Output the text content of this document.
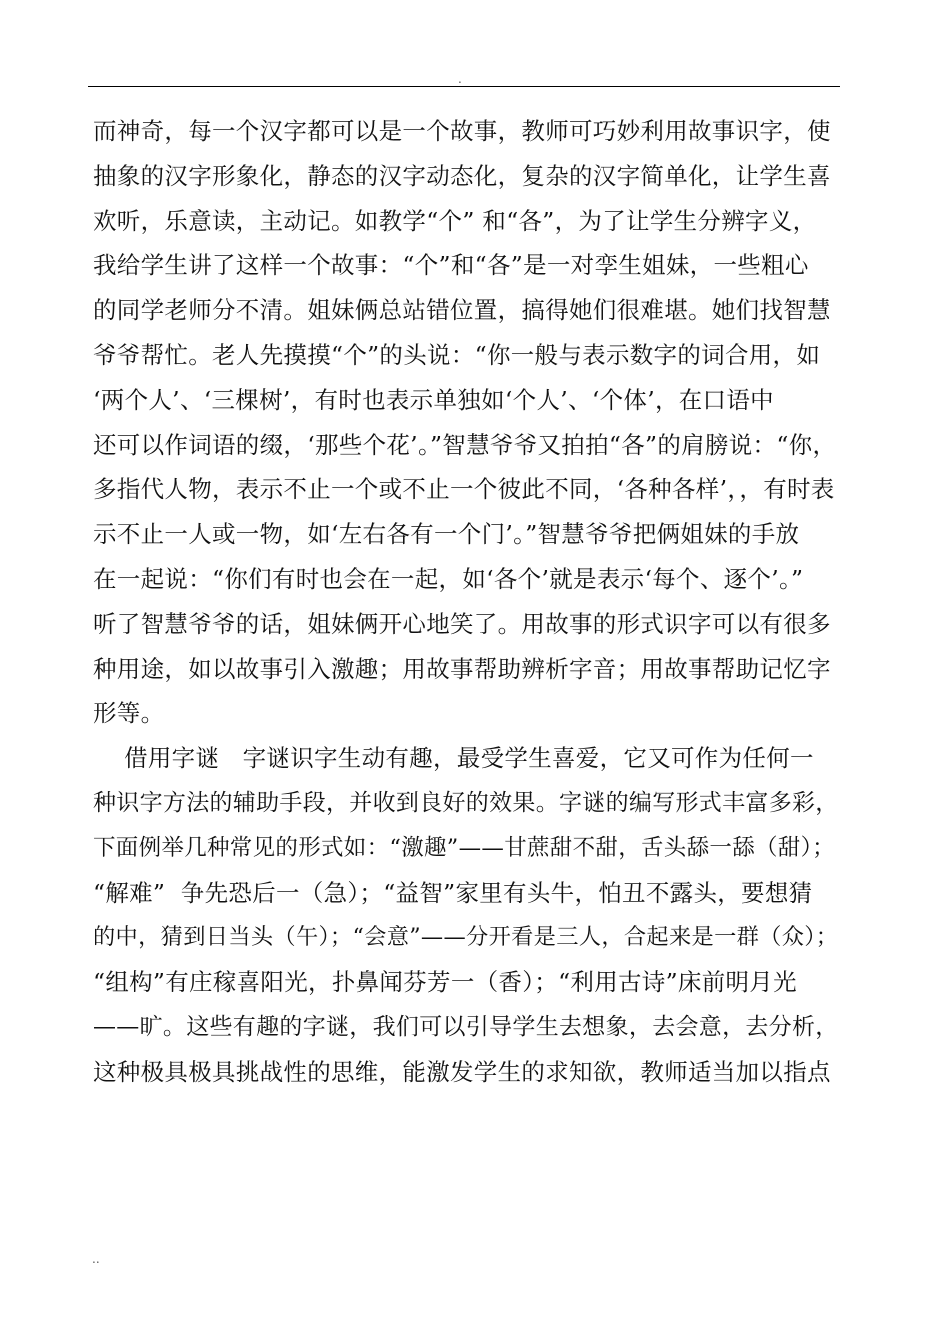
.
而神奇，每一个汉字都可以是一个故事，教师可巧妙利用故事识字，使
抽象的汉字形象化，静态的汉字动态化，复杂的汉字简单化，让学生喜
欢听，乐意读，主动记。如教学“个” 和“各”，为了让学生分辨字义，
我给学生讲了这样一个故事：“个”和“各”是一对孪生姐妹，一些粗心
的同学老师分不清。姐妹俩总站错位置，搞得她们很难堪。她们找智慧
爷爷帮忙。老人先摸摸“个”的头说：“你一般与表示数字的词合用，如
‘两个人’、‘三棵树’，有时也表示单独如‘个人’、‘个体’，在口语中
还可以作词语的缀，‘那些个花’。”智慧爷爷又拍拍“各”的肩膀说：“你，
多指代人物，表示不止一个或不止一个彼此不同，‘各种各样’，，有时表
示不止一人或一物，如‘左右各有一个门’。”智慧爷爷把俩姐妹的手放
在一起说：“你们有时也会在一起，如‘各个’就是表示‘每个、逐个’。”
听了智慧爷爷的话，姐妹俩开心地笑了。用故事的形式识字可以有很多
种用途，如以故事引入激趣；用故事帮助辨析字音；用故事帮助记忆字
形等。
借用字谜   字谜识字生动有趣，最受学生喜爱，它又可作为任何一
种识字方法的辅助手段，并收到良好的效果。字谜的编写形式丰富多彩，
下面例举几种常见的形式如：“激趣”——甘蔗甜不甜，舌头舔一舔（甜）；
“解难”  争先恐后一（急）；“益智”家里有头牛，怕丑不露头，要想猜
的中，猜到日当头（午）；“会意”——分开看是三人，合起来是一群（众）；
“组构”有庄稼喜阳光，扑鼻闻芬芳一（香）；“利用古诗”床前明月光
——旷。这些有趣的字谜，我们可以引导学生去想象，去会意，去分析，
这种极具极具挑战性的思维，能激发学生的求知欲，教师适当加以指点
..
